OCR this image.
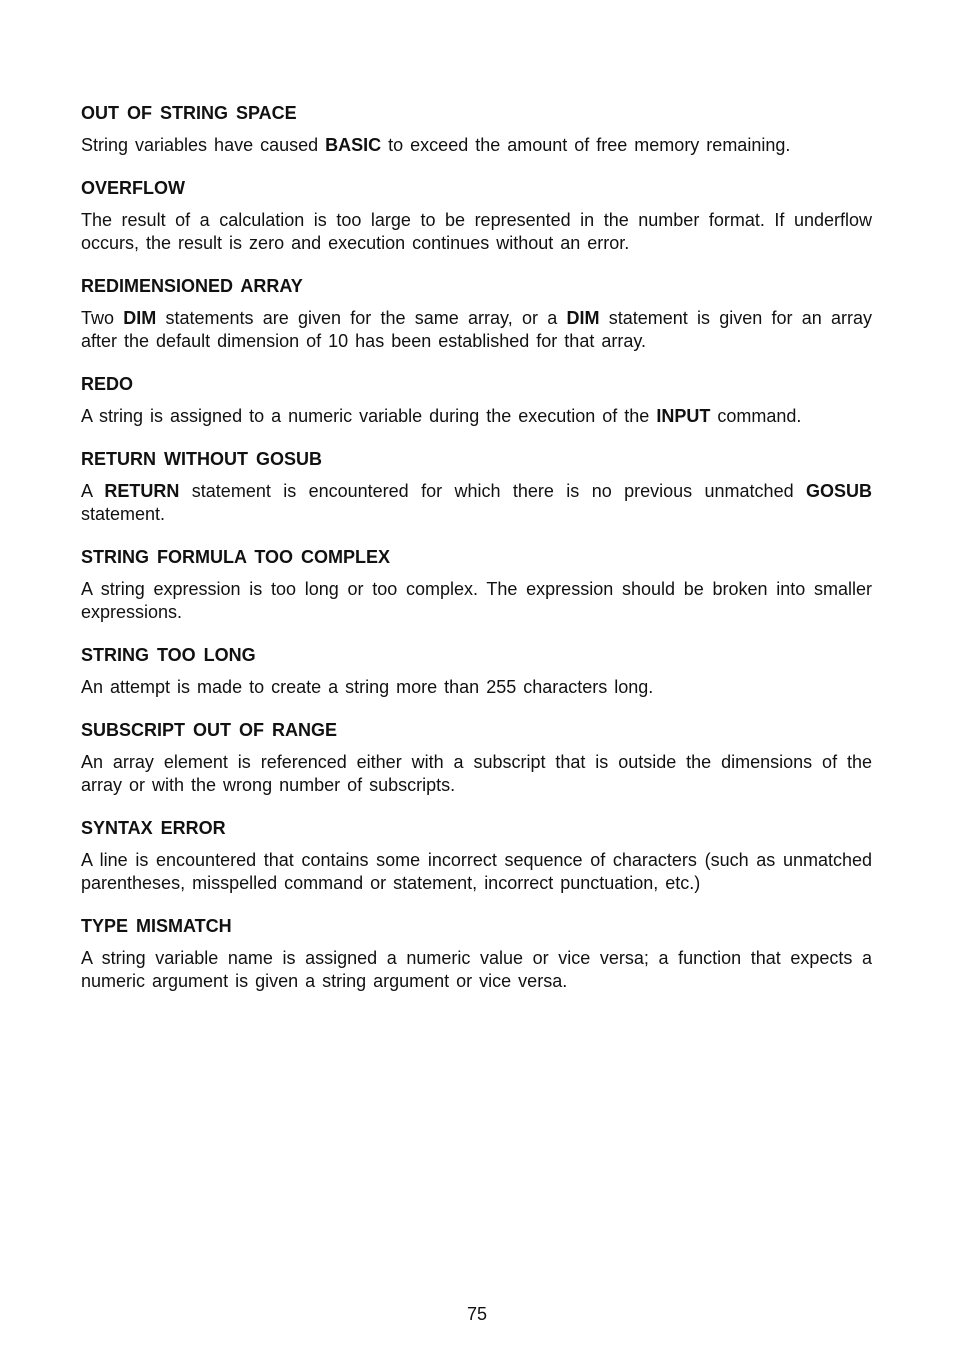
OUT OF STRING SPACE

String variables have caused BASIC to exceed the amount of free memory remaining.

OVERFLOW

The result of a calculation is too large to be represented in the number format. If underflow occurs, the result is zero and execution continues without an error.

REDIMENSIONED ARRAY

Two DIM statements are given for the same array, or a DIM statement is given for an array after the default dimension of 10 has been established for that array.

REDO

A string is assigned to a numeric variable during the execution of the INPUT command.

RETURN WITHOUT GOSUB

A RETURN statement is encountered for which there is no previous unmatched GOSUB statement.

STRING FORMULA TOO COMPLEX

A string expression is too long or too complex. The expression should be broken into smaller expressions.

STRING TOO LONG

An attempt is made to create a string more than 255 characters long.

SUBSCRIPT OUT OF RANGE

An array element is referenced either with a subscript that is outside the dimensions of the array or with the wrong number of subscripts.

SYNTAX ERROR

A line is encountered that contains some incorrect sequence of characters (such as unmatched parentheses, misspelled command or statement, incorrect punctuation, etc.)

TYPE MISMATCH

A string variable name is assigned a numeric value or vice versa; a function that expects a numeric argument is given a string argument or vice versa.

75
